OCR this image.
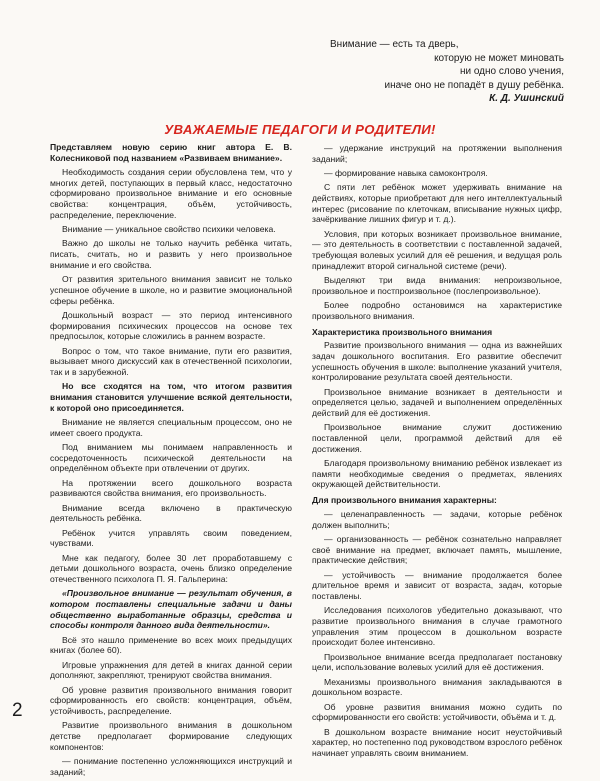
Внимание — есть та дверь,
которую не может миновать
ни одно слово учения,
иначе оно не попадёт в душу ребёнка.
К. Д. Ушинский
УВАЖАЕМЫЕ ПЕДАГОГИ И РОДИТЕЛИ!

Представляем новую серию книг автора Е. В. Колесниковой под названием «Развиваем внимание».

Необходимость создания серии обусловлена тем, что у многих детей, поступающих в первый класс, недостаточно сформировано произвольное внимание и его основные свойства: концентрация, объём, устойчивость, распределение, переключение.

Внимание — уникальное свойство психики человека.

Важно до школы не только научить ребёнка читать, писать, считать, но и развить у него произвольное внимание и его свойства.

От развития зрительного внимания зависит не только успешное обучение в школе, но и развитие эмоциональной сферы ребёнка.

Дошкольный возраст — это период интенсивного формирования психических процессов на основе тех предпосылок, которые сложились в раннем возрасте.

Вопрос о том, что такое внимание, пути его развития, вызывает много дискуссий как в отечественной психологии, так и в зарубежной.

Но все сходятся на том, что итогом развития внимания становится улучшение всякой деятельности, к которой оно присоединяется.

Внимание не является специальным процессом, оно не имеет своего продукта.

Под вниманием мы понимаем направленность и сосредоточенность психической деятельности на определённом объекте при отвлечении от других.

На протяжении всего дошкольного возраста развиваются свойства внимания, его произвольность.

Внимание всегда включено в практическую деятельность ребёнка.

Ребёнок учится управлять своим поведением, чувствами.

Мне как педагогу, более 30 лет проработавшему с детьми дошкольного возраста, очень близко определение отечественного психолога П. Я. Гальперина:

«Произвольное внимание — результат обучения, в котором поставлены специальные задачи и даны общественно выработанные образцы, средства и способы контроля данного вида деятельности».

Всё это нашло применение во всех моих предыдущих книгах (более 60).

Игровые упражнения для детей в книгах данной серии дополняют, закрепляют, тренируют свойства внимания.

Об уровне развития произвольного внимания говорит сформированность его свойств: концентрация, объём, устойчивость, распределение.

Развитие произвольного внимания в дошкольном детстве предполагает формирование следующих компонентов:

— понимание постепенно усложняющихся инструкций и заданий;

— удержание инструкций на протяжении выполнения заданий;

— формирование навыка самоконтроля.

С пяти лет ребёнок может удерживать внимание на действиях, которые приобретают для него интеллектуальный интерес (рисование по клеточкам, вписывание нужных цифр, зачёркивание лишних фигур и т. д.).

Условия, при которых возникает произвольное внимание, — это деятельность в соответствии с поставленной задачей, требующая волевых усилий для её решения, и ведущая роль принадлежит второй сигнальной системе (речи).

Выделяют три вида внимания: непроизвольное, произвольное и постпроизвольное (послепроизвольное).

Более подробно остановимся на характеристике произвольного внимания.

Характеристика произвольного внимания

Развитие произвольного внимания — одна из важнейших задач дошкольного воспитания. Его развитие обеспечит успешность обучения в школе: выполнение указаний учителя, контролирование результата своей деятельности.

Произвольное внимание возникает в деятельности и определяется целью, задачей и выполнением определённых действий для её достижения.

Произвольное внимание служит достижению поставленной цели, программой действий для её достижения.

Благодаря произвольному вниманию ребёнок извлекает из памяти необходимые сведения о предметах, явлениях окружающей действительности.

Для произвольного внимания характерны:

— целенаправленность — задачи, которые ребёнок должен выполнить;

— организованность — ребёнок сознательно направляет своё внимание на предмет, включает память, мышление, практические действия;

— устойчивость — внимание продолжается более длительное время и зависит от возраста, задач, которые поставлены.

Исследования психологов убедительно доказывают, что развитие произвольного внимания в случае грамотного управления этим процессом в дошкольном возрасте происходит более интенсивно.

Произвольное внимание всегда предполагает постановку цели, использование волевых усилий для её достижения.

Механизмы произвольного внимания закладываются в дошкольном возрасте.

Об уровне развития внимания можно судить по сформированности его свойств: устойчивости, объёма и т. д.

В дошкольном возрасте внимание носит неустойчивый характер, но постепенно под руководством взрослого ребёнок начинает управлять своим вниманием.

2
